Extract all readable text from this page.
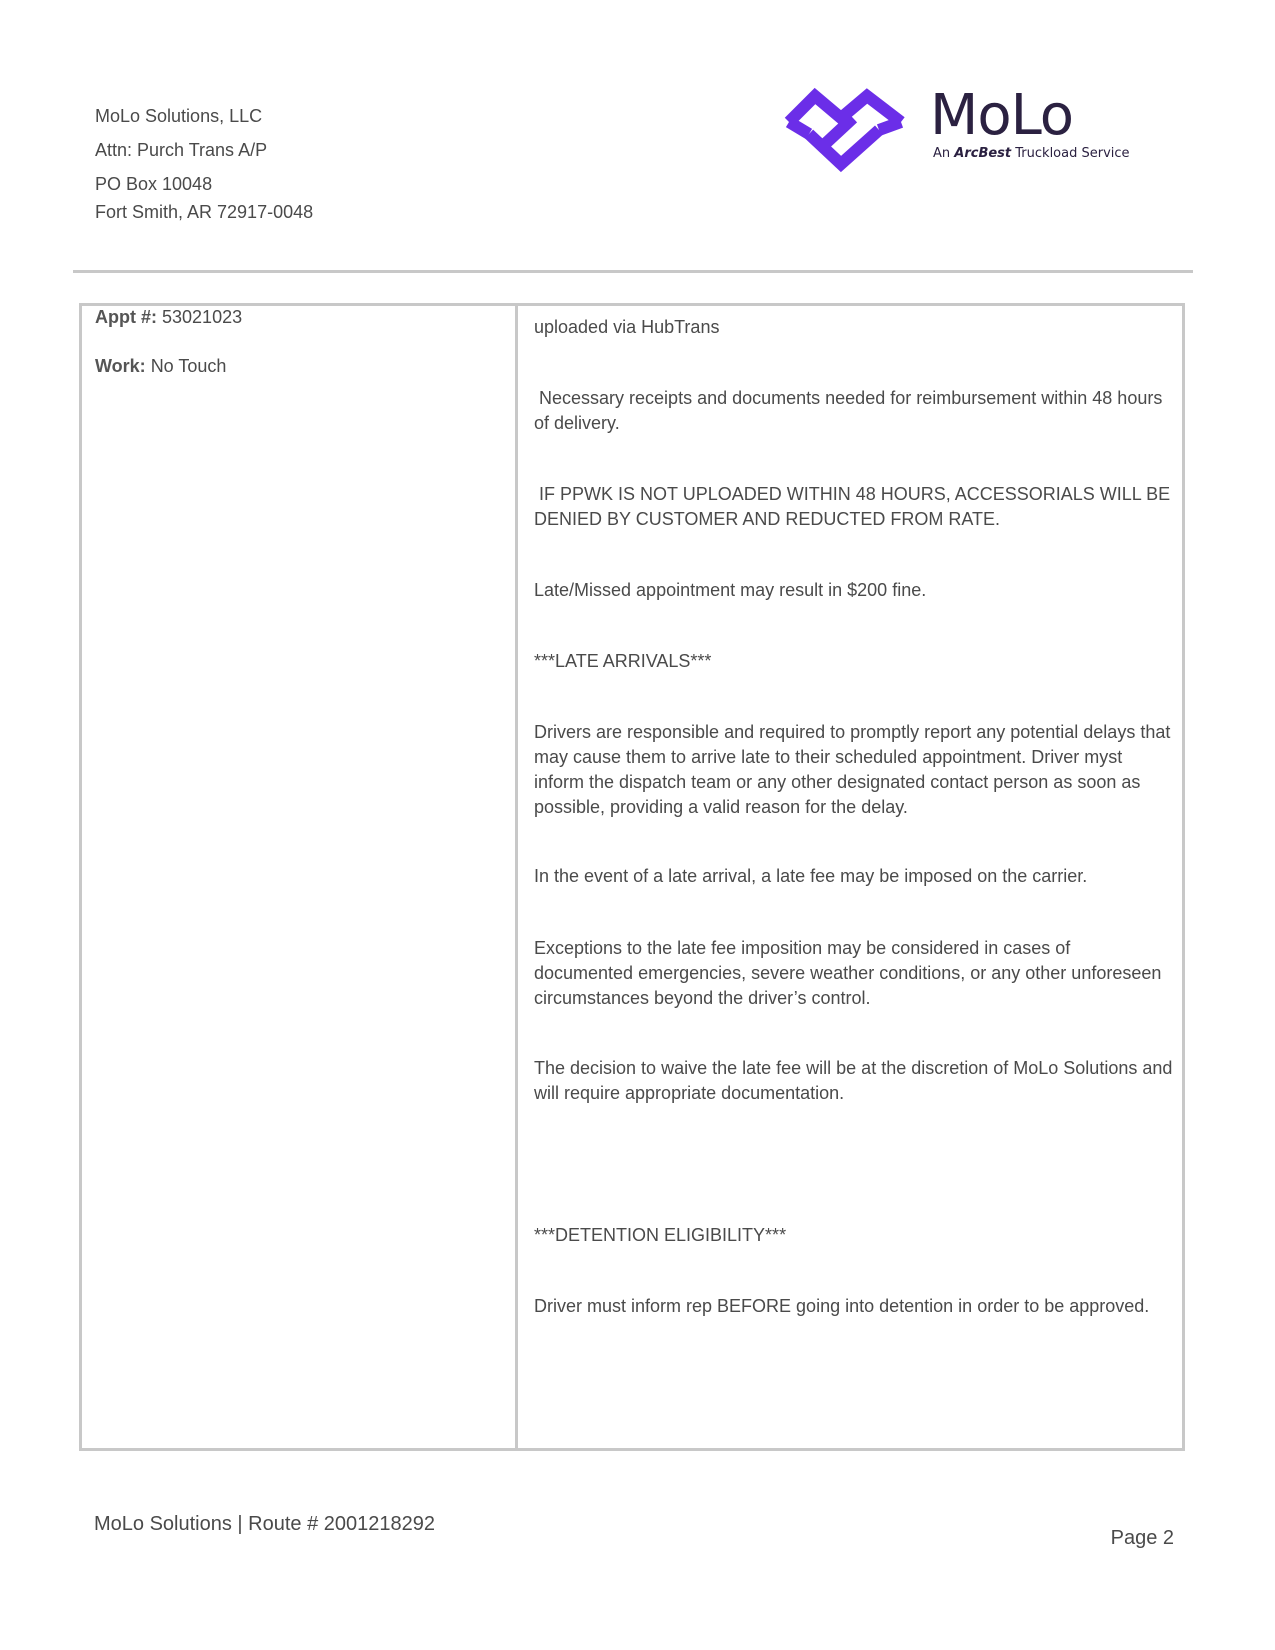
MoLo Solutions, LLC
Attn: Purch Trans A/P
PO Box 10048
Fort Smith, AR 72917-0048
MoLo
An ArcBest Truckload Service
Appt #: 53021023
Work: No Touch
uploaded via HubTrans
Necessary receipts and documents needed for reimbursement within 48 hours of delivery.
IF PPWK IS NOT UPLOADED WITHIN 48 HOURS, ACCESSORIALS WILL BE DENIED BY CUSTOMER AND REDUCTED FROM RATE.
Late/Missed appointment may result in $200 fine.
***LATE ARRIVALS***
Drivers are responsible and required to promptly report any potential delays that may cause them to arrive late to their scheduled appointment. Driver myst inform the dispatch team or any other designated contact person as soon as possible, providing a valid reason for the delay.
In the event of a late arrival, a late fee may be imposed on the carrier.
Exceptions to the late fee imposition may be considered in cases of documented emergencies, severe weather conditions, or any other unforeseen circumstances beyond the driver’s control.
The decision to waive the late fee will be at the discretion of MoLo Solutions and will require appropriate documentation.
***DETENTION ELIGIBILITY***
Driver must inform rep BEFORE going into detention in order to be approved.
MoLo Solutions | Route # 2001218292
Page 2
